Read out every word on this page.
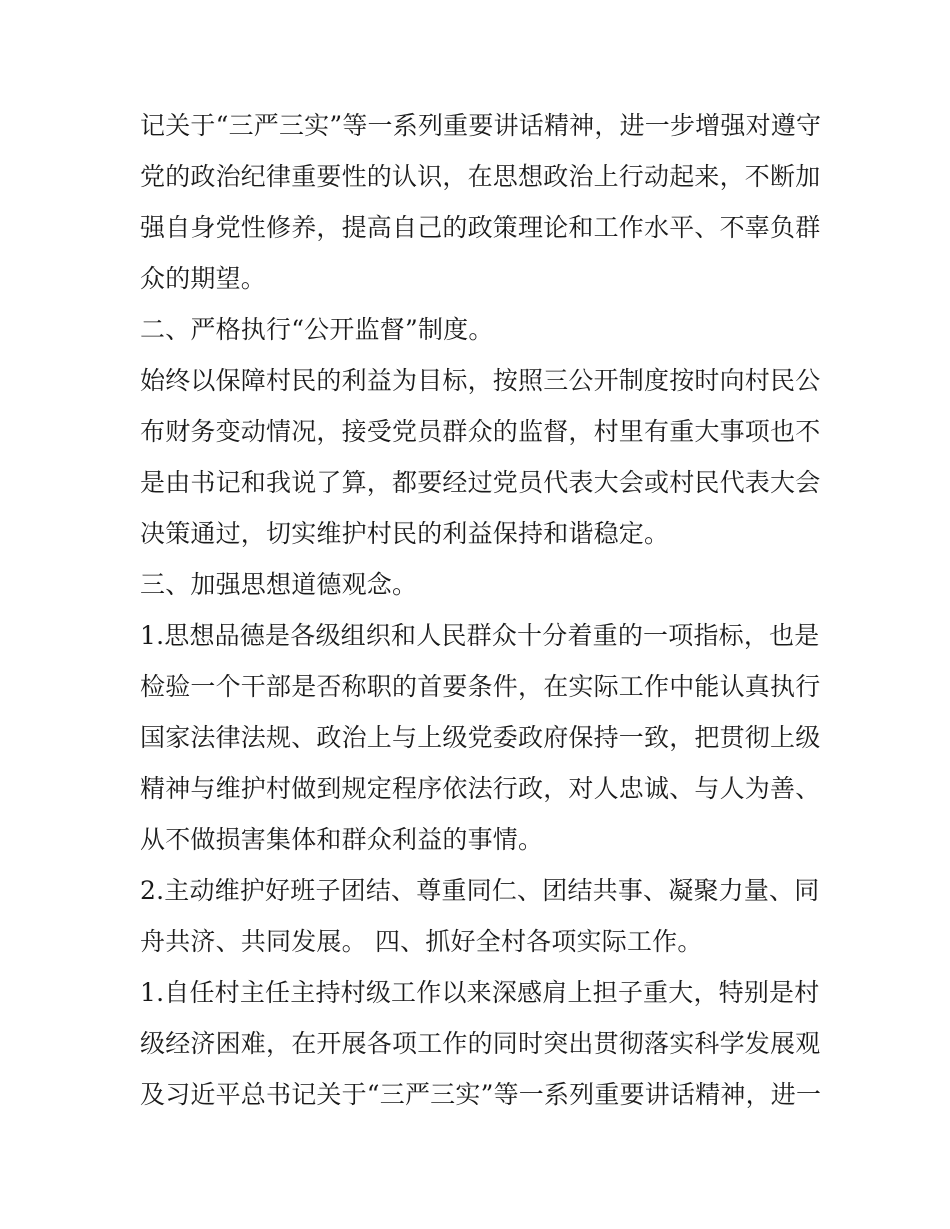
记关于“三严三实”等一系列重要讲话精神，进一步增强对遵守
党的政治纪律重要性的认识，在思想政治上行动起来，不断加
强自身党性修养，提高自己的政策理论和工作水平、不辜负群
众的期望。
二、严格执行“公开监督”制度。
始终以保障村民的利益为目标，按照三公开制度按时向村民公
布财务变动情况，接受党员群众的监督，村里有重大事项也不
是由书记和我说了算，都要经过党员代表大会或村民代表大会
决策通过，切实维护村民的利益保持和谐稳定。
三、加强思想道德观念。
1.思想品德是各级组织和人民群众十分着重的一项指标，也是
检验一个干部是否称职的首要条件，在实际工作中能认真执行
国家法律法规、政治上与上级党委政府保持一致，把贯彻上级
精神与维护村做到规定程序依法行政，对人忠诚、与人为善、
从不做损害集体和群众利益的事情。
2.主动维护好班子团结、尊重同仁、团结共事、凝聚力量、同
舟共济、共同发展。 四、抓好全村各项实际工作。
1.自任村主任主持村级工作以来深感肩上担子重大，特别是村
级经济困难，在开展各项工作的同时突出贯彻落实科学发展观
及习近平总书记关于“三严三实”等一系列重要讲话精神，进一
